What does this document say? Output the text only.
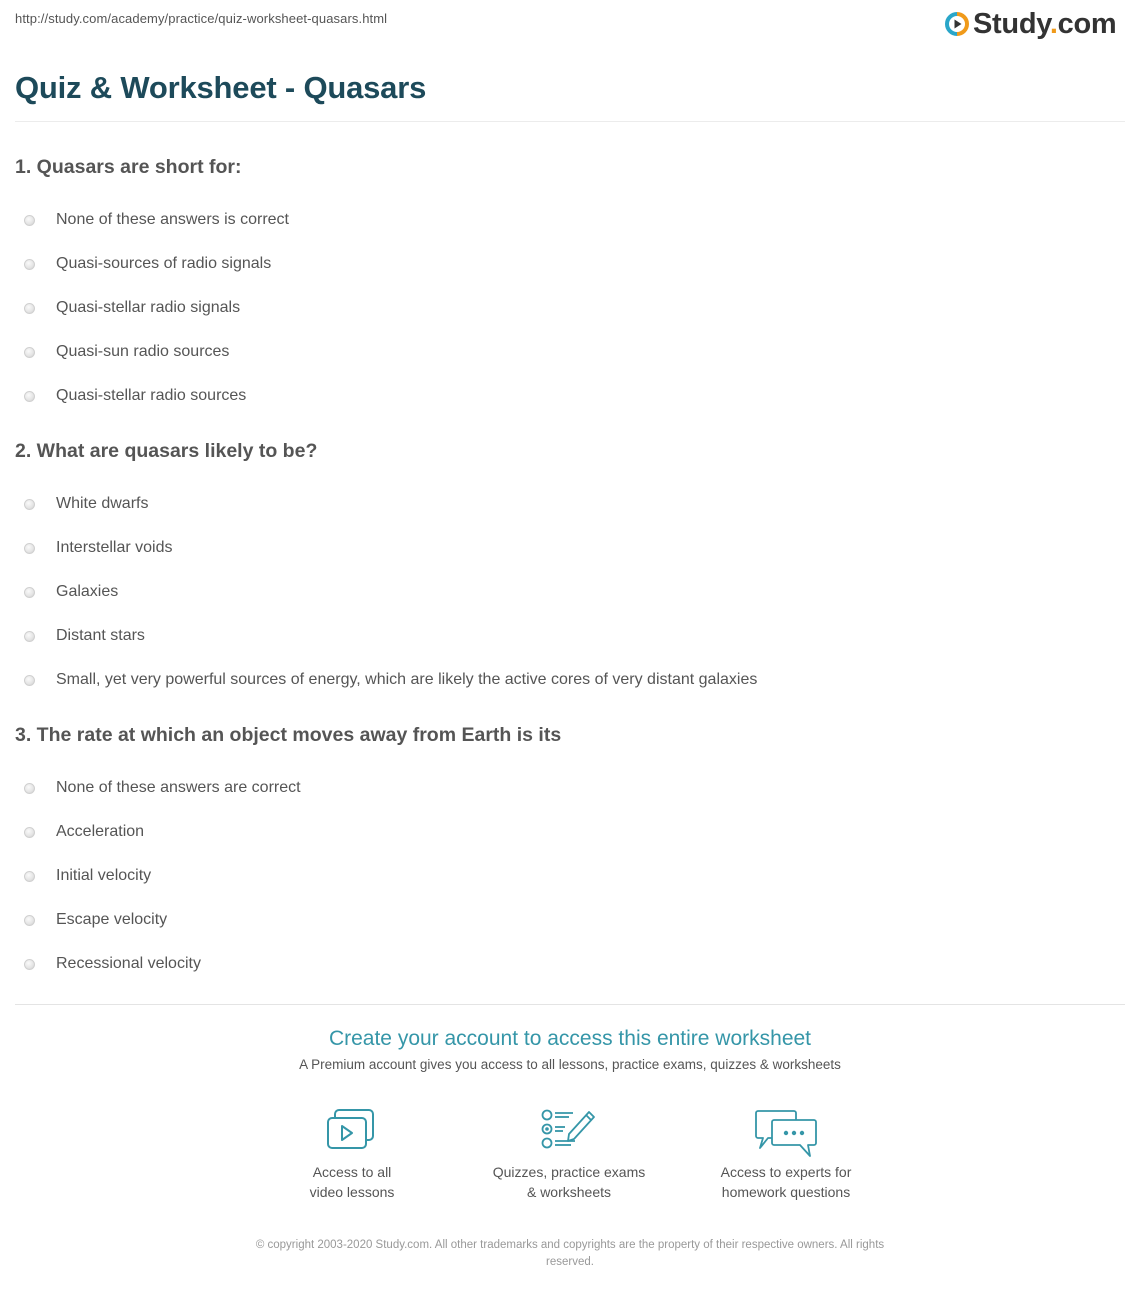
http://study.com/academy/practice/quiz-worksheet-quasars.html	Study.com
Quiz & Worksheet - Quasars
1. Quasars are short for:
None of these answers is correct
Quasi-sources of radio signals
Quasi-stellar radio signals
Quasi-sun radio sources
Quasi-stellar radio sources
2. What are quasars likely to be?
White dwarfs
Interstellar voids
Galaxies
Distant stars
Small, yet very powerful sources of energy, which are likely the active cores of very distant galaxies
3. The rate at which an object moves away from Earth is its
None of these answers are correct
Acceleration
Initial velocity
Escape velocity
Recessional velocity
Create your account to access this entire worksheet
A Premium account gives you access to all lessons, practice exams, quizzes & worksheets
Access to all
video lessons
Quizzes, practice exams
& worksheets
Access to experts for
homework questions
© copyright 2003-2020 Study.com. All other trademarks and copyrights are the property of their respective owners. All rights
reserved.
